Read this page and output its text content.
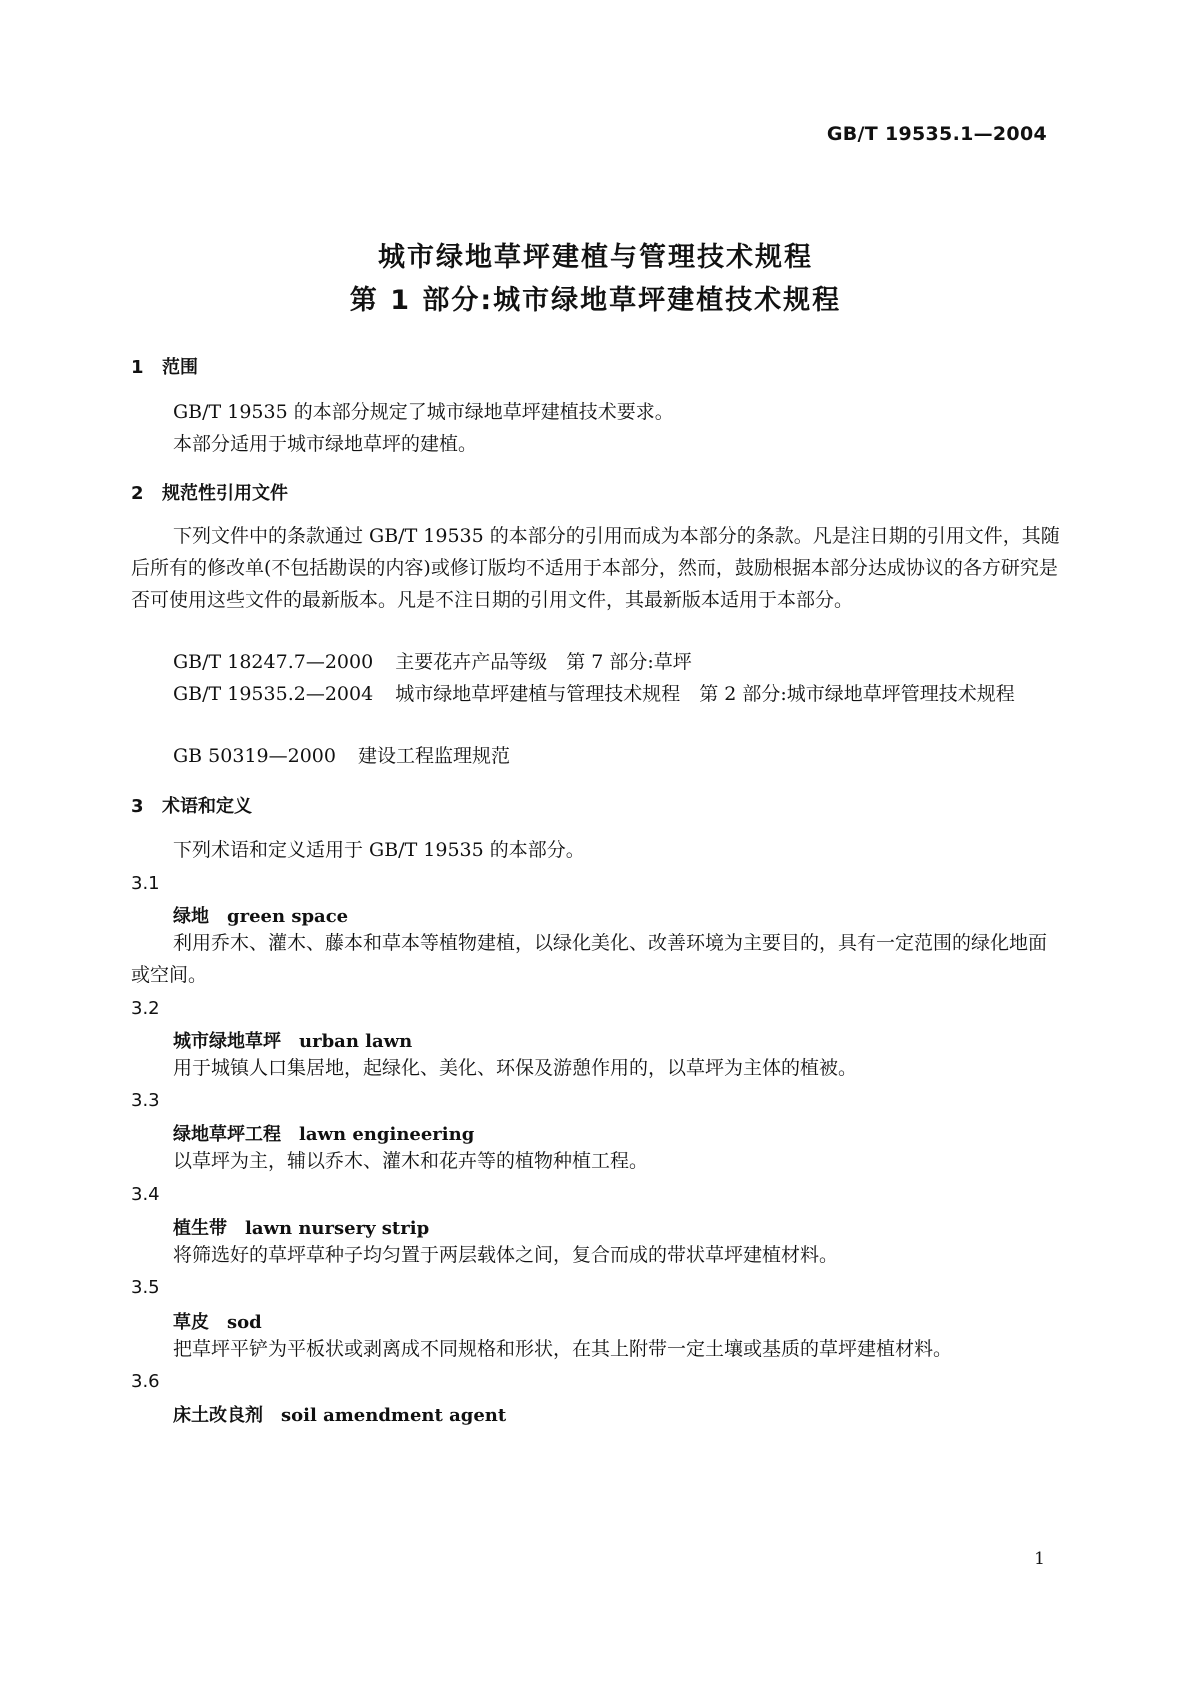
GB/T 19535.1—2004
城市绿地草坪建植与管理技术规程
第 1 部分:城市绿地草坪建植技术规程
1 范围
GB/T 19535 的本部分规定了城市绿地草坪建植技术要求。
本部分适用于城市绿地草坪的建植。
2 规范性引用文件
下列文件中的条款通过 GB/T 19535 的本部分的引用而成为本部分的条款。凡是注日期的引用文件，其随后所有的修改单(不包括勘误的内容)或修订版均不适用于本部分，然而，鼓励根据本部分达成协议的各方研究是否可使用这些文件的最新版本。凡是不注日期的引用文件，其最新版本适用于本部分。
GB/T 18247.7—2000 主要花卉产品等级　第 7 部分:草坪
GB/T 19535.2—2004 城市绿地草坪建植与管理技术规程　第 2 部分:城市绿地草坪管理技术规程
GB 50319—2000 建设工程监理规范
3 术语和定义
下列术语和定义适用于 GB/T 19535 的本部分。
3.1
绿地 green space
利用乔木、灌木、藤本和草本等植物建植，以绿化美化、改善环境为主要目的，具有一定范围的绿化地面或空间。
3.2
城市绿地草坪 urban lawn
用于城镇人口集居地，起绿化、美化、环保及游憩作用的，以草坪为主体的植被。
3.3
绿地草坪工程 lawn engineering
以草坪为主，辅以乔木、灌木和花卉等的植物种植工程。
3.4
植生带 lawn nursery strip
将筛选好的草坪草种子均匀置于两层载体之间，复合而成的带状草坪建植材料。
3.5
草皮 sod
把草坪平铲为平板状或剥离成不同规格和形状，在其上附带一定土壤或基质的草坪建植材料。
3.6
床土改良剂 soil amendment agent
1
